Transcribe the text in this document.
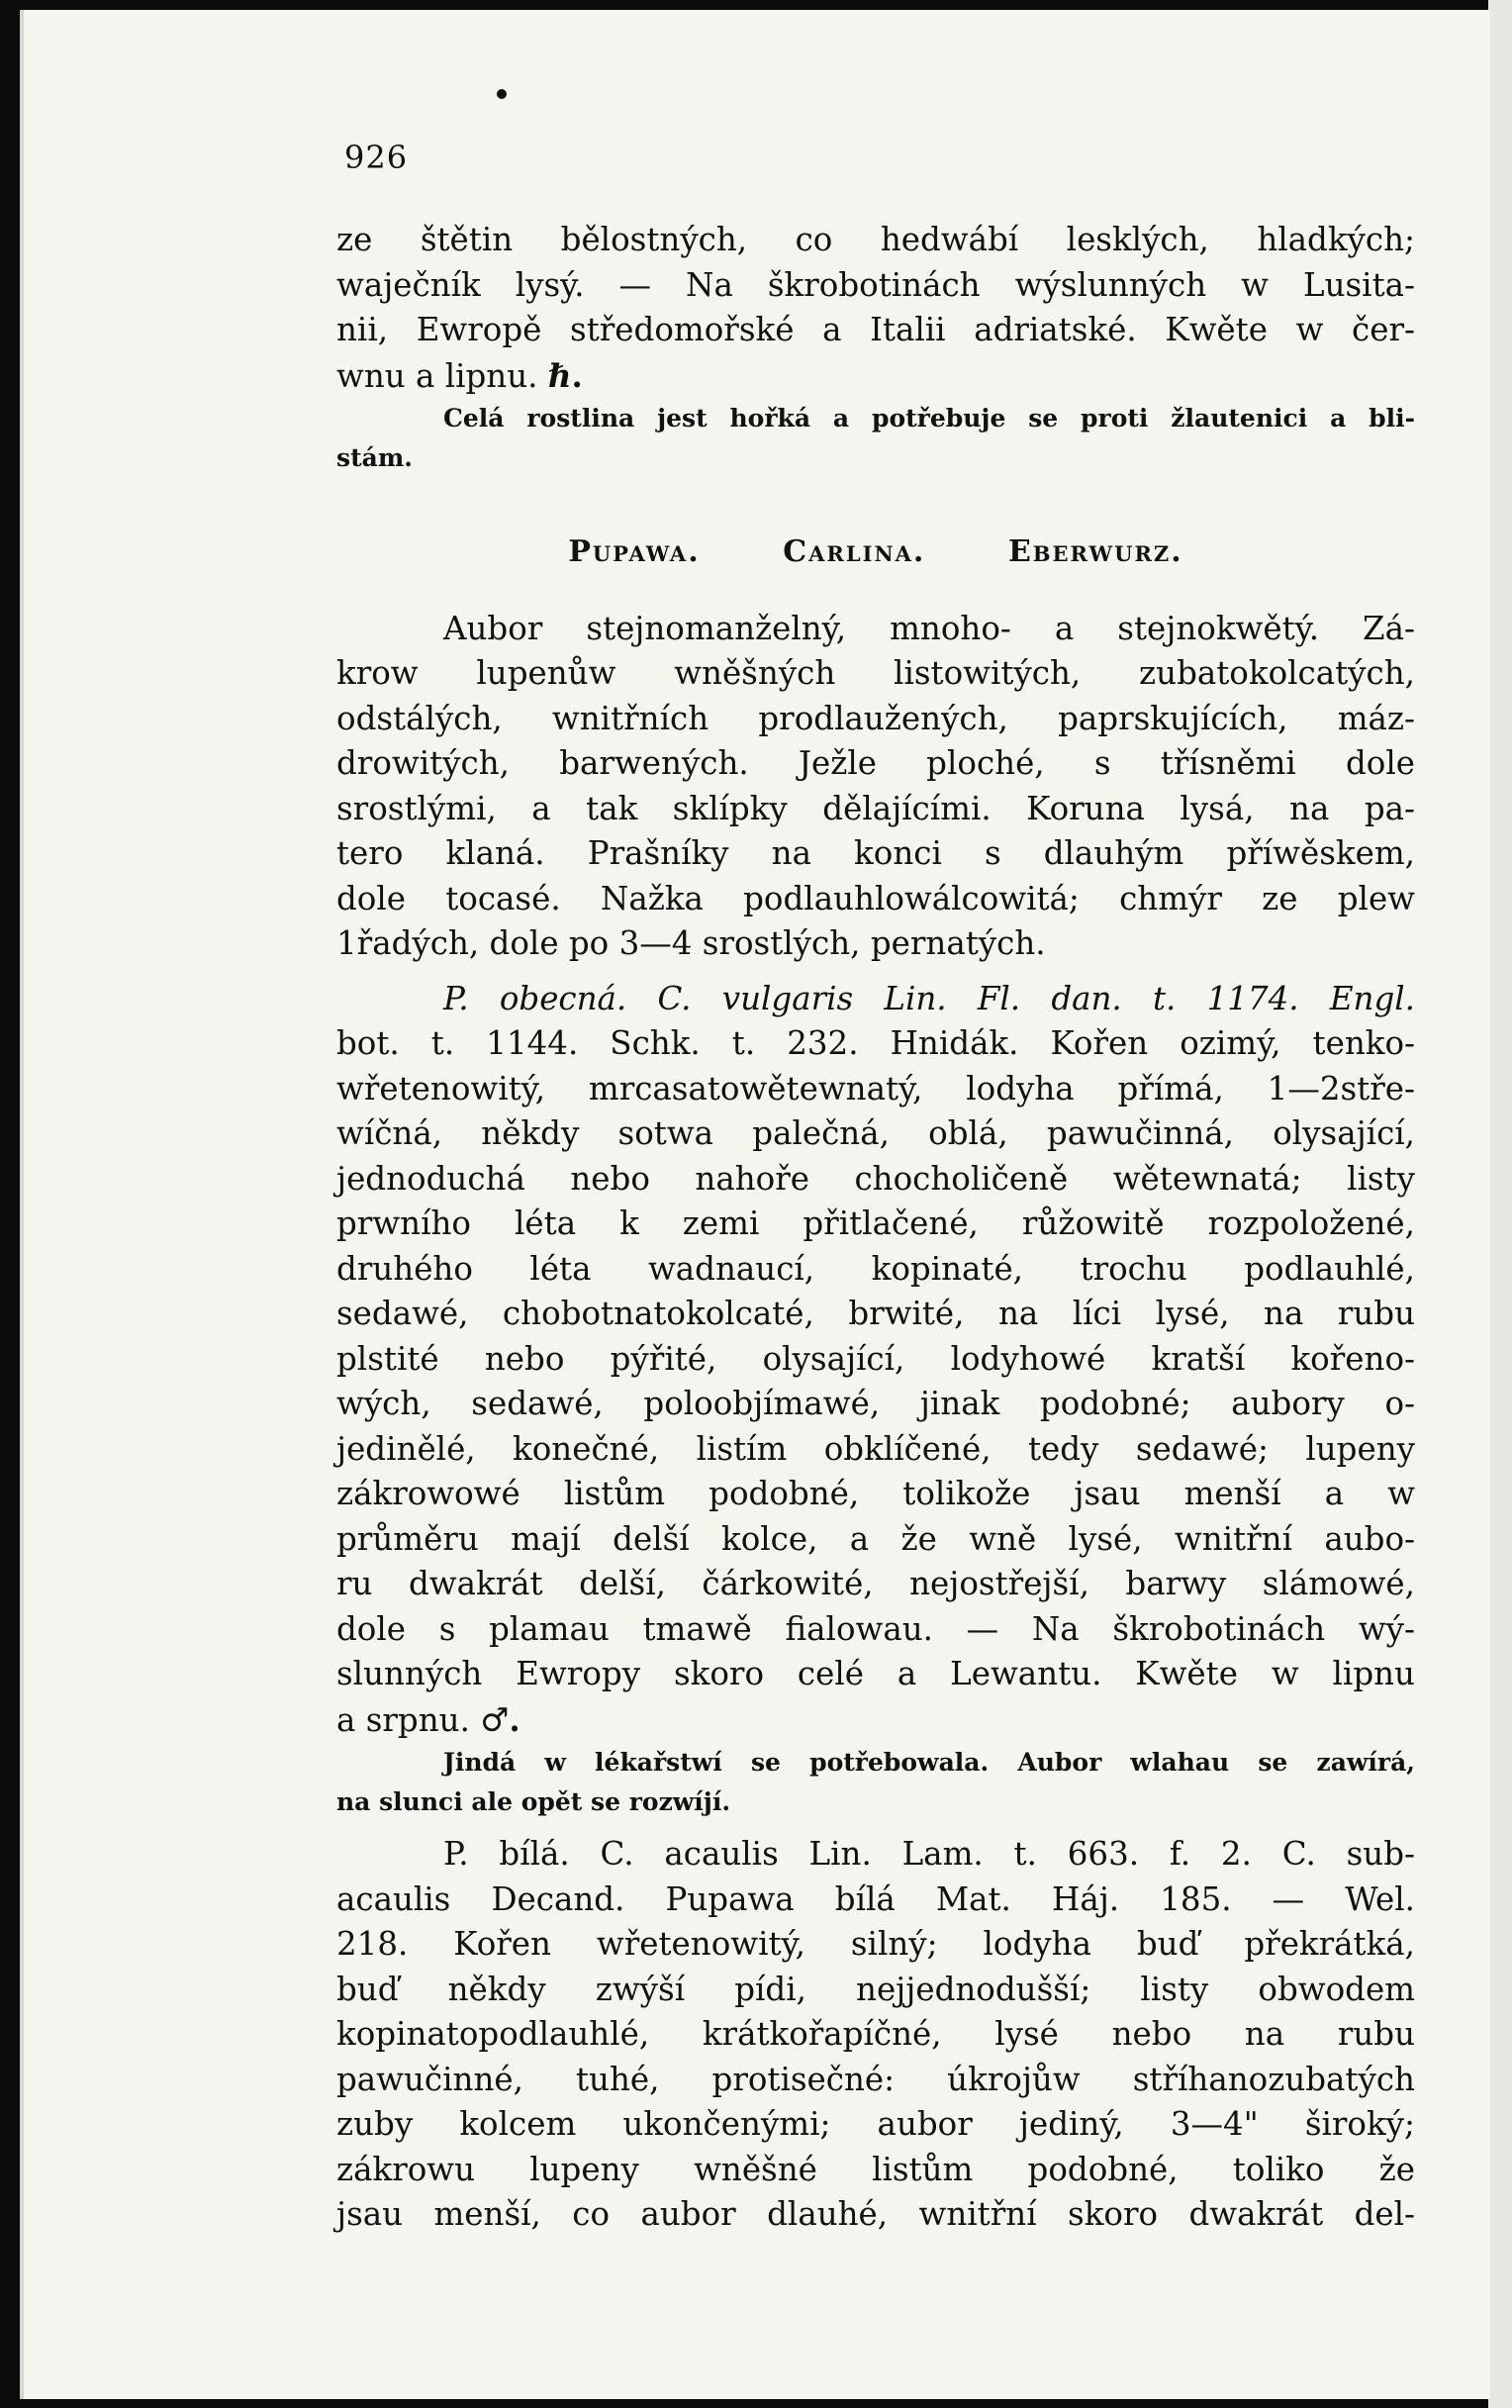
926
ze štětin bělostných, co hedwábí lesklých, hladkých;
waječník lysý. — Na škrobotinách wýslunných w Lusita-
nii, Ewropě středomořské a Italii adriatské. Kwěte w čer-
wnu a lipnu. ℏ.
Celá rostlina jest hořká a potřebuje se proti žlautenici a bli-
stám.
Pupawa.	Carlina.	Eberwurz.
Aubor stejnomanželný, mnoho- a stejnokwětý. Zá-
krow lupenůw wněšných listowitých, zubatokolcatých,
odstálých, wnitřních prodlaužených, paprskujících, máz-
drowitých, barwených. Ježle ploché, s třísněmi dole
srostlými, a tak sklípky dělajícími. Koruna lysá, na pa-
tero klaná. Prašníky na konci s dlauhým příwěskem,
dole tocasé. Nažka podlauhlowálcowitá; chmýr ze plew
1řadých, dole po 3—4 srostlých, pernatých.
P. obecná. C. vulgaris Lin. Fl. dan. t. 1174. Engl.
bot. t. 1144. Schk. t. 232. Hnidák. Kořen ozimý, tenko-
wřetenowitý, mrcasatowětewnatý, lodyha přímá, 1—2stře-
wíčná, někdy sotwa palečná, oblá, pawučinná, olysající,
jednoduchá nebo nahoře chocholičeně wětewnatá; listy
prwního léta k zemi přitlačené, růžowitě rozpoložené,
druhého léta wadnaucí, kopinaté, trochu podlauhlé,
sedawé, chobotnatokolcaté, brwité, na líci lysé, na rubu
plstité nebo pýřité, olysající, lodyhowé kratší kořeno-
wých, sedawé, poloobjímawé, jinak podobné; aubory o-
jedinělé, konečné, listím obklíčené, tedy sedawé; lupeny
zákrowowé listům podobné, tolikože jsau menší a w
průměru mají delší kolce, a že wně lysé, wnitřní aubo-
ru dwakrát delší, čárkowité, nejostřejší, barwy slámowé,
dole s plamau tmawě fialowau. — Na škrobotinách wý-
slunných Ewropy skoro celé a Lewantu. Kwěte w lipnu
a srpnu. ♂.
Jindá w lékařstwí se potřebowala. Aubor wlahau se zawírá,
na slunci ale opět se rozwíjí.
P. bílá. C. acaulis Lin. Lam. t. 663. f. 2. C. sub-
acaulis Decand. Pupawa bílá Mat. Háj. 185. — Wel.
218. Kořen wřetenowitý, silný; lodyha buď překrátká,
buď někdy zwýší pídi, nejjednodušší; listy obwodem
kopinatopodlauhlé, krátkořapíčné, lysé nebo na rubu
pawučinné, tuhé, protisečné: úkrojůw stříhanozubatých
zuby kolcem ukončenými; aubor jediný, 3—4" široký;
zákrowu lupeny wněšné listům podobné, toliko že
jsau menší, co aubor dlauhé, wnitřní skoro dwakrát del-
